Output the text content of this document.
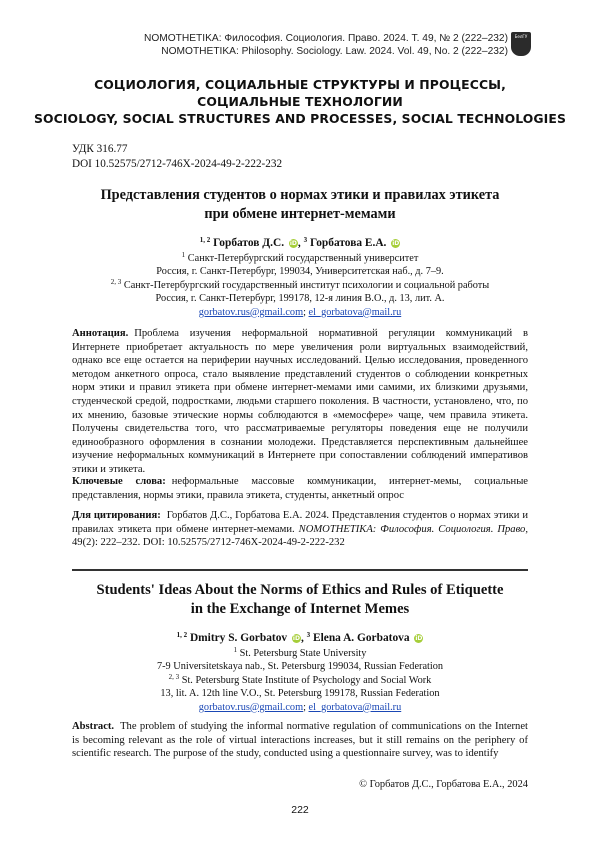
NOMOTHETIKA: Философия. Социология. Право. 2024. Т. 49, № 2 (222–232)
NOMOTHETIKA: Philosophy. Sociology. Law. 2024. Vol. 49, No. 2 (222–232)
БелГУ
СОЦИОЛОГИЯ, СОЦИАЛЬНЫЕ СТРУКТУРЫ И ПРОЦЕССЫ,
СОЦИАЛЬНЫЕ ТЕХНОЛОГИИ
SOCIOLOGY, SOCIAL STRUCTURES AND PROCESSES, SOCIAL TECHNOLOGIES
УДК 316.77
DOI 10.52575/2712-746X-2024-49-2-222-232
Представления студентов о нормах этики и правилах этикета
при обмене интернет-мемами
1, 2 Горбатов Д.С. iD, 3 Горбатова Е.А. iD
1 Санкт-Петербургский государственный университет
Россия, г. Санкт-Петербург, 199034, Университетская наб., д. 7–9.
2, 3 Санкт-Петербургский государственный институт психологии и социальной работы
Россия, г. Санкт-Петербург, 199178, 12-я линия В.О., д. 13, лит. А.
gorbatov.rus@gmail.com; el_gorbatova@mail.ru
Аннотация. Проблема изучения неформальной нормативной регуляции коммуникаций в Интернете приобретает актуальность по мере увеличения роли виртуальных взаимодействий, однако все еще остается на периферии научных исследований. Целью исследования, проведенного методом анкетного опроса, стало выявление представлений студентов о соблюдении конкретных норм этики и правил этикета при обмене интернет-мемами ими самими, их близкими друзьями, студенческой средой, подростками, людьми старшего поколения. В частности, установлено, что, по их мнению, базовые этические нормы соблюдаются в «мемосфере» чаще, чем правила этикета. Получены свидетельства того, что рассматриваемые регуляторы поведения еще не получили единообразного оформления в сознании молодежи. Представляется перспективным дальнейшее изучение неформальных коммуникаций в Интернете при сопоставлении соблюдений императивов этики и этикета.
Ключевые слова: неформальные массовые коммуникации, интернет-мемы, социальные представления, нормы этики, правила этикета, студенты, анкетный опрос
Для цитирования: Горбатов Д.С., Горбатова Е.А. 2024. Представления студентов о нормах этики и правилах этикета при обмене интернет-мемами. NOMOTHETIKA: Философия. Социология. Право, 49(2): 222–232. DOI: 10.52575/2712-746X-2024-49-2-222-232
Students' Ideas About the Norms of Ethics and Rules of Etiquette
in the Exchange of Internet Memes
1, 2 Dmitry S. Gorbatov iD, 3 Elena A. Gorbatova iD
1 St. Petersburg State University
7-9 Universitetskaya nab., St. Petersburg 199034, Russian Federation
2, 3 St. Petersburg State Institute of Psychology and Social Work
13, lit. A. 12th line V.O., St. Petersburg 199178, Russian Federation
gorbatov.rus@gmail.com; el_gorbatova@mail.ru
Abstract. The problem of studying the informal normative regulation of communications on the Internet is becoming relevant as the role of virtual interactions increases, but it still remains on the periphery of scientific research. The purpose of the study, conducted using a questionnaire survey, was to identify
© Горбатов Д.С., Горбатова Е.А., 2024
222
